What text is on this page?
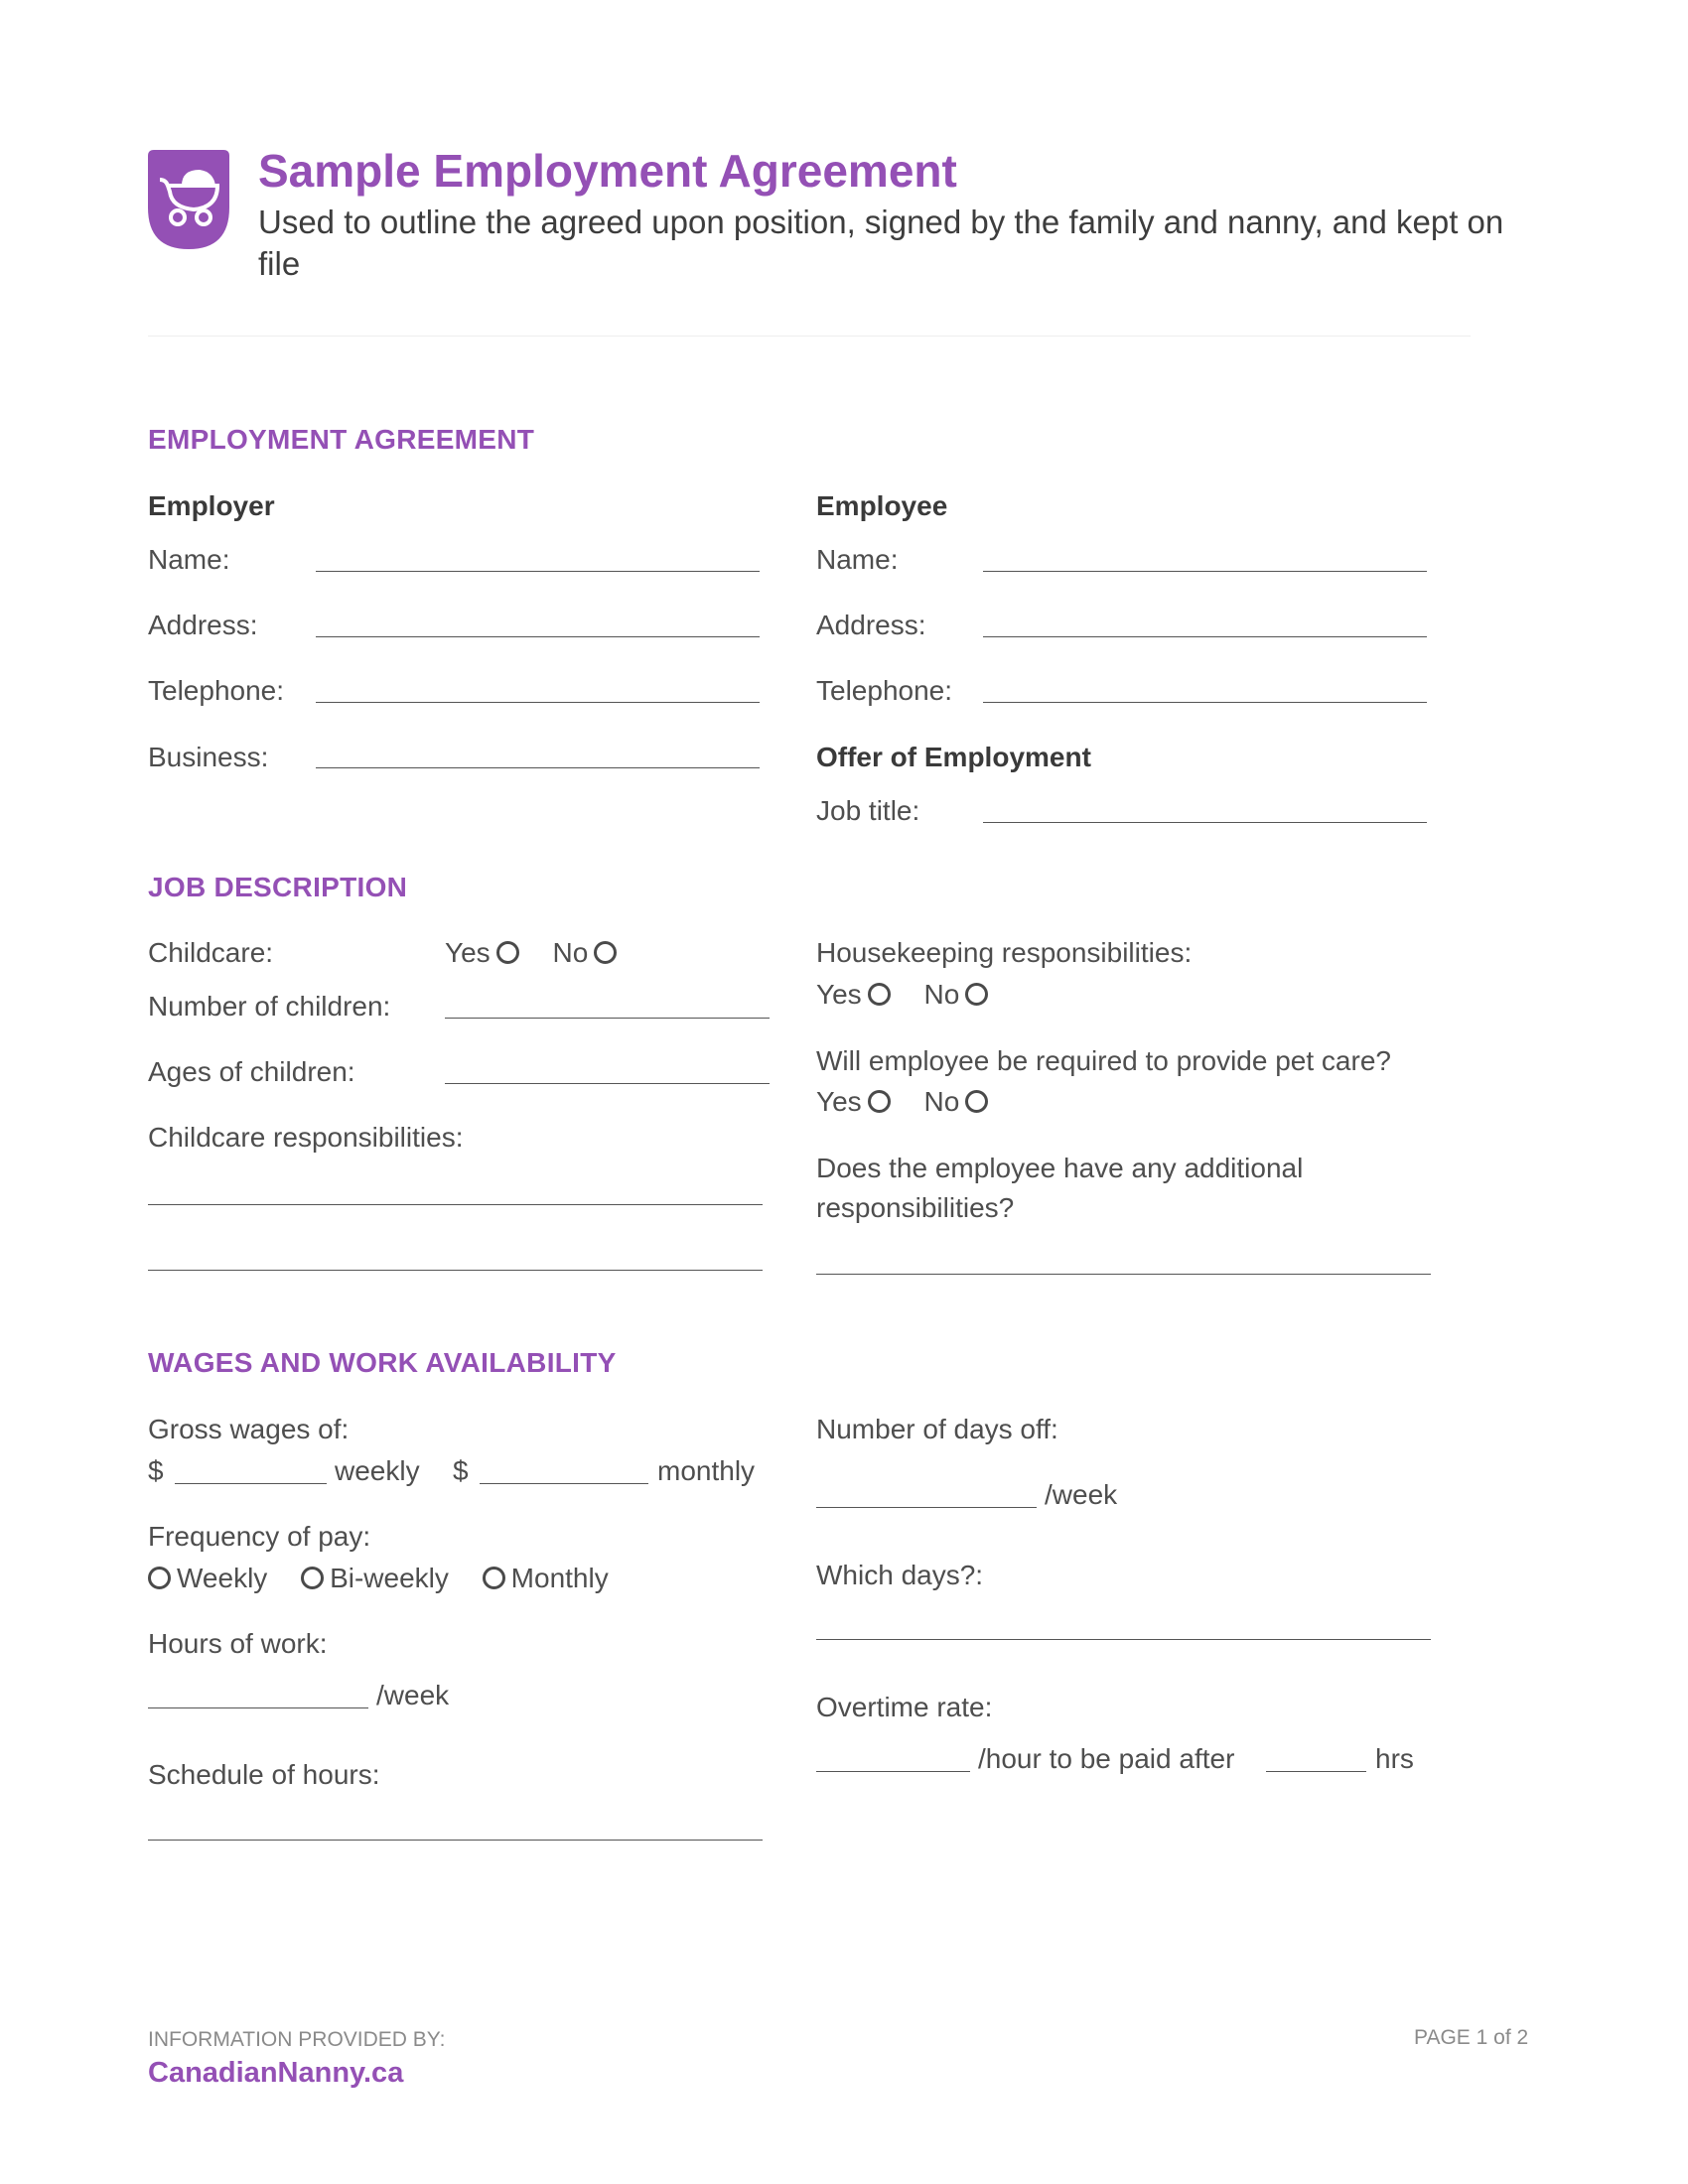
Sample Employment Agreement
Used to outline the agreed upon position, signed by the family and nanny, and kept on file
EMPLOYMENT AGREEMENT
Employer
Name:
Address:
Telephone:
Business:
Employee
Name:
Address:
Telephone:
Offer of Employment
Job title:
JOB DESCRIPTION
Childcare:	Yes No
Number of children:
Ages of children:
Childcare responsibilities:
Housekeeping responsibilities:
Yes No
Will employee be required to provide pet care?
Yes No
Does the employee have any additional responsibilities?
WAGES AND WORK AVAILABILITY
Gross wages of:
$	weekly $	monthly
Frequency of pay:
Weekly Bi-weekly Monthly
Hours of work:
/week
Schedule of hours:
Number of days off:
/week
Which days?:
Overtime rate:
/hour to be paid after	hrs
INFORMATION PROVIDED BY:
CanadianNanny.ca
PAGE 1 of 2
